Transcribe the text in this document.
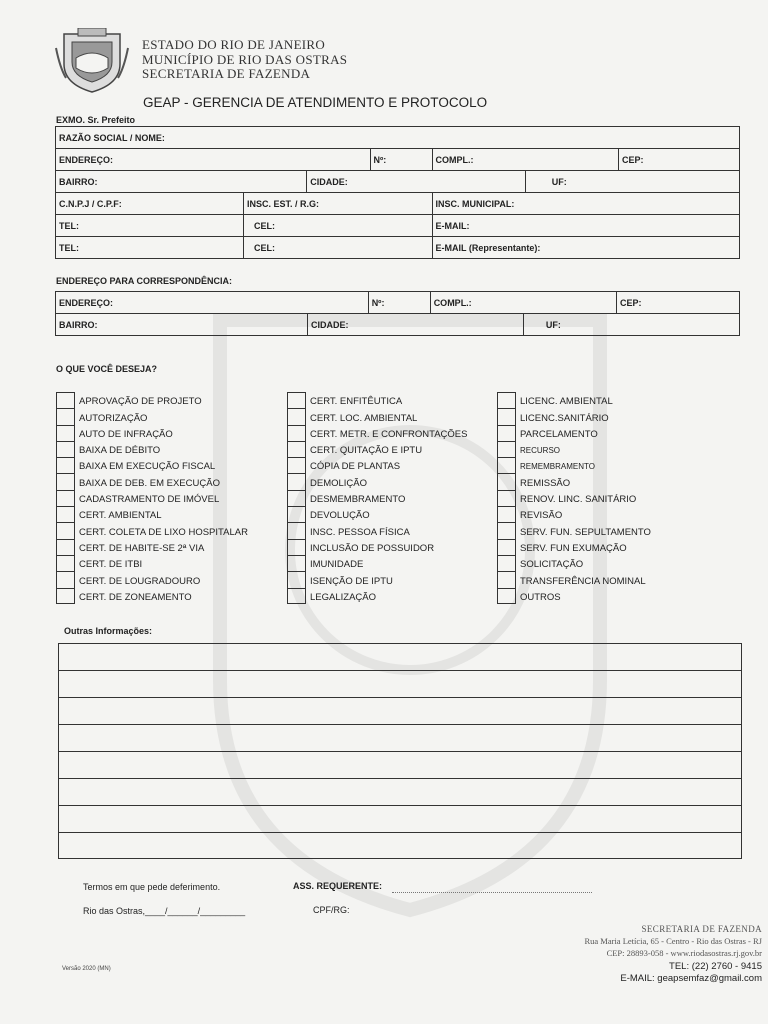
ESTADO DO RIO DE JANEIRO
MUNICÍPIO DE RIO DAS OSTRAS
SECRETARIA DE FAZENDA
GEAP - GERENCIA DE ATENDIMENTO E PROTOCOLO
EXMO. Sr. Prefeito
RAZÃO SOCIAL / NOME:						
ENDEREÇO:			Nº:	COMPL.:		CEP:
BAIRRO:		CIDADE:			UF:	
C.N.P.J / C.P.F:	INSC. EST. / R.G:			INSC. MUNICIPAL:		
TEL:	CEL:			E-MAIL:		
TEL:	CEL:			E-MAIL (Representante):		
ENDEREÇO PARA CORRESPONDÊNCIA:
ENDEREÇO:		Nº:	COMPL.:		CEP:
BAIRRO:	CIDADE:			UF:	
O QUE VOCÊ DESEJA?
APROVAÇÃO DE PROJETO
AUTORIZAÇÃO
AUTO DE INFRAÇÃO
BAIXA DE DÉBITO
BAIXA EM EXECUÇÃO FISCAL
BAIXA DE DEB. EM EXECUÇÃO
CADASTRAMENTO DE IMÓVEL
CERT. AMBIENTAL
CERT. COLETA DE LIXO HOSPITALAR
CERT. DE HABITE-SE 2ª VIA
CERT. DE ITBI
CERT. DE LOUGRADOURO
CERT. DE ZONEAMENTO
CERT. ENFITÊUTICA
CERT. LOC. AMBIENTAL
CERT. METR. E CONFRONTAÇÕES
CERT. QUITAÇÃO E IPTU
CÓPIA DE PLANTAS
DEMOLIÇÃO
DESMEMBRAMENTO
DEVOLUÇÃO
INSC. PESSOA FÍSICA
INCLUSÃO DE POSSUIDOR
IMUNIDADE
ISENÇÃO DE IPTU
LEGALIZAÇÃO
LICENC. AMBIENTAL
LICENC.SANITÁRIO
PARCELAMENTO
RECURSO
REMEMBRAMENTO
REMISSÃO
RENOV. LINC. SANITÁRIO
REVISÃO
SERV. FUN. SEPULTAMENTO
SERV. FUN EXUMAÇÃO
SOLICITAÇÃO
TRANSFERÊNCIA NOMINAL
OUTROS
Outras Informações:
Termos em que pede deferimento.	ASS. REQUERENTE:
Rio das Ostras,____/______/_________	CPF/RG:
Versão 2020 (MN)
SECRETARIA DE FAZENDA
Rua Maria Letícia, 65 - Centro - Rio das Ostras - RJ
CEP: 28893-058 - www.riodasostras.rj.gov.br
TEL: (22) 2760 - 9415
E-MAIL: geapsemfaz@gmail.com
